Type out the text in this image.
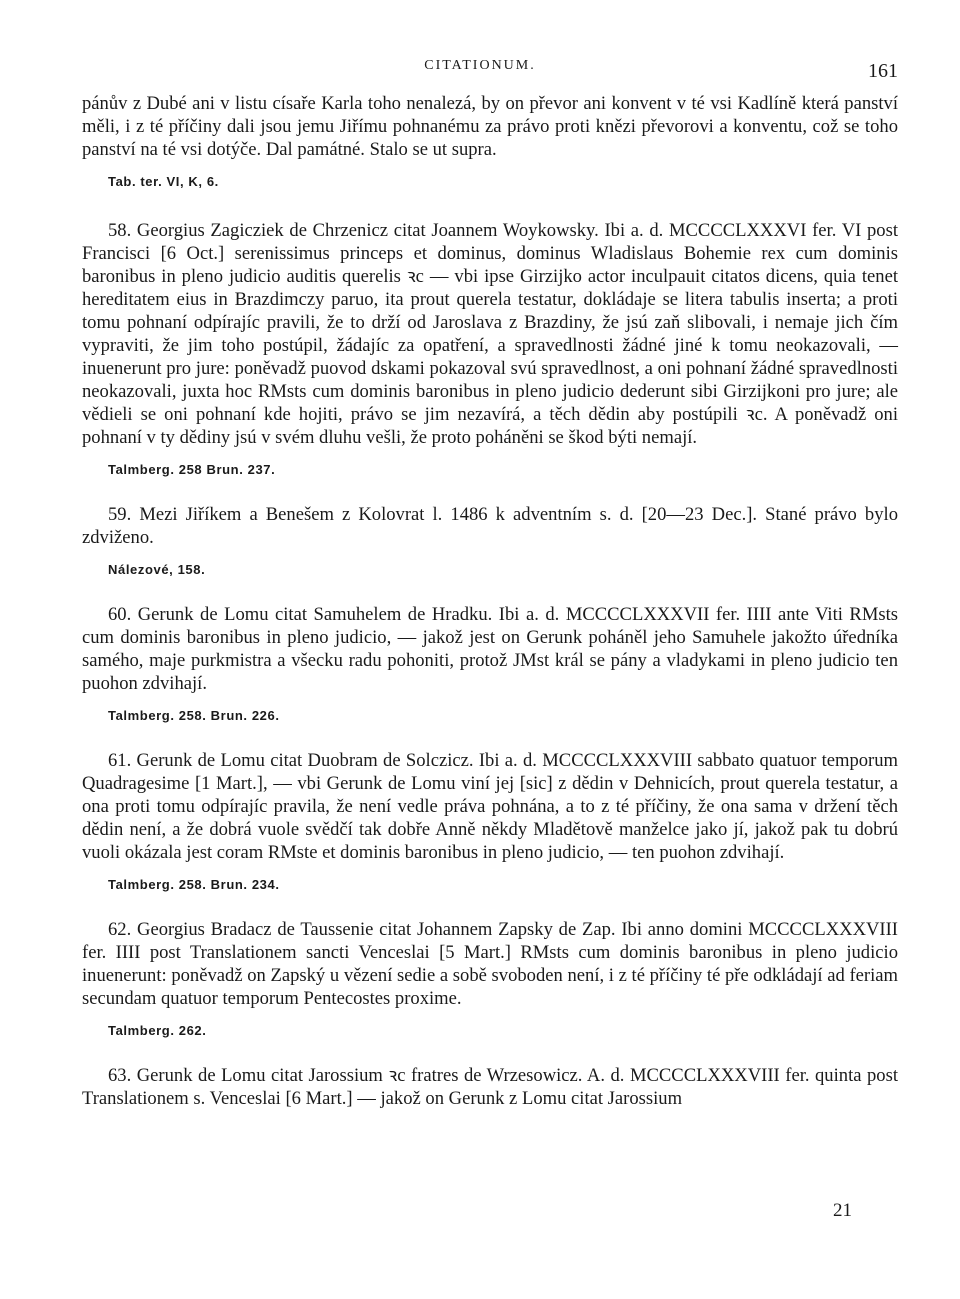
CITATIONUM.	161

pánův z Dubé ani v listu císaře Karla toho nenalezá, by on převor ani konvent v té vsi Kadlíně která panství měli, i z té příčiny dali jsou jemu Jiřímu pohnanému za právo proti knězi převorovi a konventu, což se toho panství na té vsi dotýče. Dal památné. Stalo se ut supra.

Tab. ter. VI, K, 6.

58. Georgius Zagicziek de Chrzenicz citat Joannem Woykowsky. Ibi a. d. MCCCCLXXXVI fer. VI post Francisci [6 Oct.] serenissimus princeps et dominus, dominus Wladislaus Bohemie rex cum dominis baronibus in pleno judicio auditis querelis ꝛc — vbi ipse Girzijko actor inculpauit citatos dicens, quia tenet hereditatem eius in Brazdimczy paruo, ita prout querela testatur, dokládaje se litera tabulis inserta; a proti tomu pohnaní odpírajíc pravili, že to drží od Jaroslava z Brazdiny, že jsú zaň slibovali, i nemaje jich čím vypraviti, že jim toho postúpil, žádajíc za opatření, a spravedlnosti žádné jiné k tomu neokazovali, — inuenerunt pro jure: poněvadž puovod dskami pokazoval svú spravedlnost, a oni pohnaní žádné spravedlnosti neokazovali, juxta hoc RMsts cum dominis baronibus in pleno judicio dederunt sibi Girzijkoni pro jure; ale vědieli se oni pohnaní kde hojiti, právo se jim nezavírá, a těch dědin aby postúpili ꝛc. A poněvadž oni pohnaní v ty dědiny jsú v svém dluhu vešli, že proto poháněni se škod býti nemají.

Talmberg. 258 Brun. 237.

59. Mezi Jiříkem a Benešem z Kolovrat l. 1486 k adventním s. d. [20—23 Dec.]. Stané právo bylo zdviženo.

Nálezové, 158.

60. Gerunk de Lomu citat Samuhelem de Hradku. Ibi a. d. MCCCCLXXXVII fer. IIII ante Viti RMsts cum dominis baronibus in pleno judicio, — jakož jest on Gerunk poháněl jeho Samuhele jakožto úředníka samého, maje purkmistra a všecku radu pohoniti, protož JMst král se pány a vladykami in pleno judicio ten puohon zdvihají.

Talmberg. 258. Brun. 226.

61. Gerunk de Lomu citat Duobram de Solczicz. Ibi a. d. MCCCCLXXXVIII sabbato quatuor temporum Quadragesime [1 Mart.], — vbi Gerunk de Lomu viní jej [sic] z dědin v Dehnicích, prout querela testatur, a ona proti tomu odpírajíc pravila, že není vedle práva pohnána, a to z té příčiny, že ona sama v držení těch dědin není, a že dobrá vuole svědčí tak dobře Anně někdy Mladětově manželce jako jí, jakož pak tu dobrú vuoli okázala jest coram RMste et dominis baronibus in pleno judicio, — ten puohon zdvihají.

Talmberg. 258. Brun. 234.

62. Georgius Bradacz de Taussenie citat Johannem Zapsky de Zap. Ibi anno domini MCCCCLXXXVIII fer. IIII post Translationem sancti Venceslai [5 Mart.] RMsts cum dominis baronibus in pleno judicio inuenerunt: poněvadž on Zapský u vězení sedie a sobě svoboden není, i z té příčiny té pře odkládají ad feriam secundam quatuor temporum Pentecostes proxime.

Talmberg. 262.

63. Gerunk de Lomu citat Jarossium ꝛc fratres de Wrzesowicz. A. d. MCCCCLXXXVIII fer. quinta post Translationem s. Venceslai [6 Mart.] — jakož on Gerunk z Lomu citat Jarossium

21
